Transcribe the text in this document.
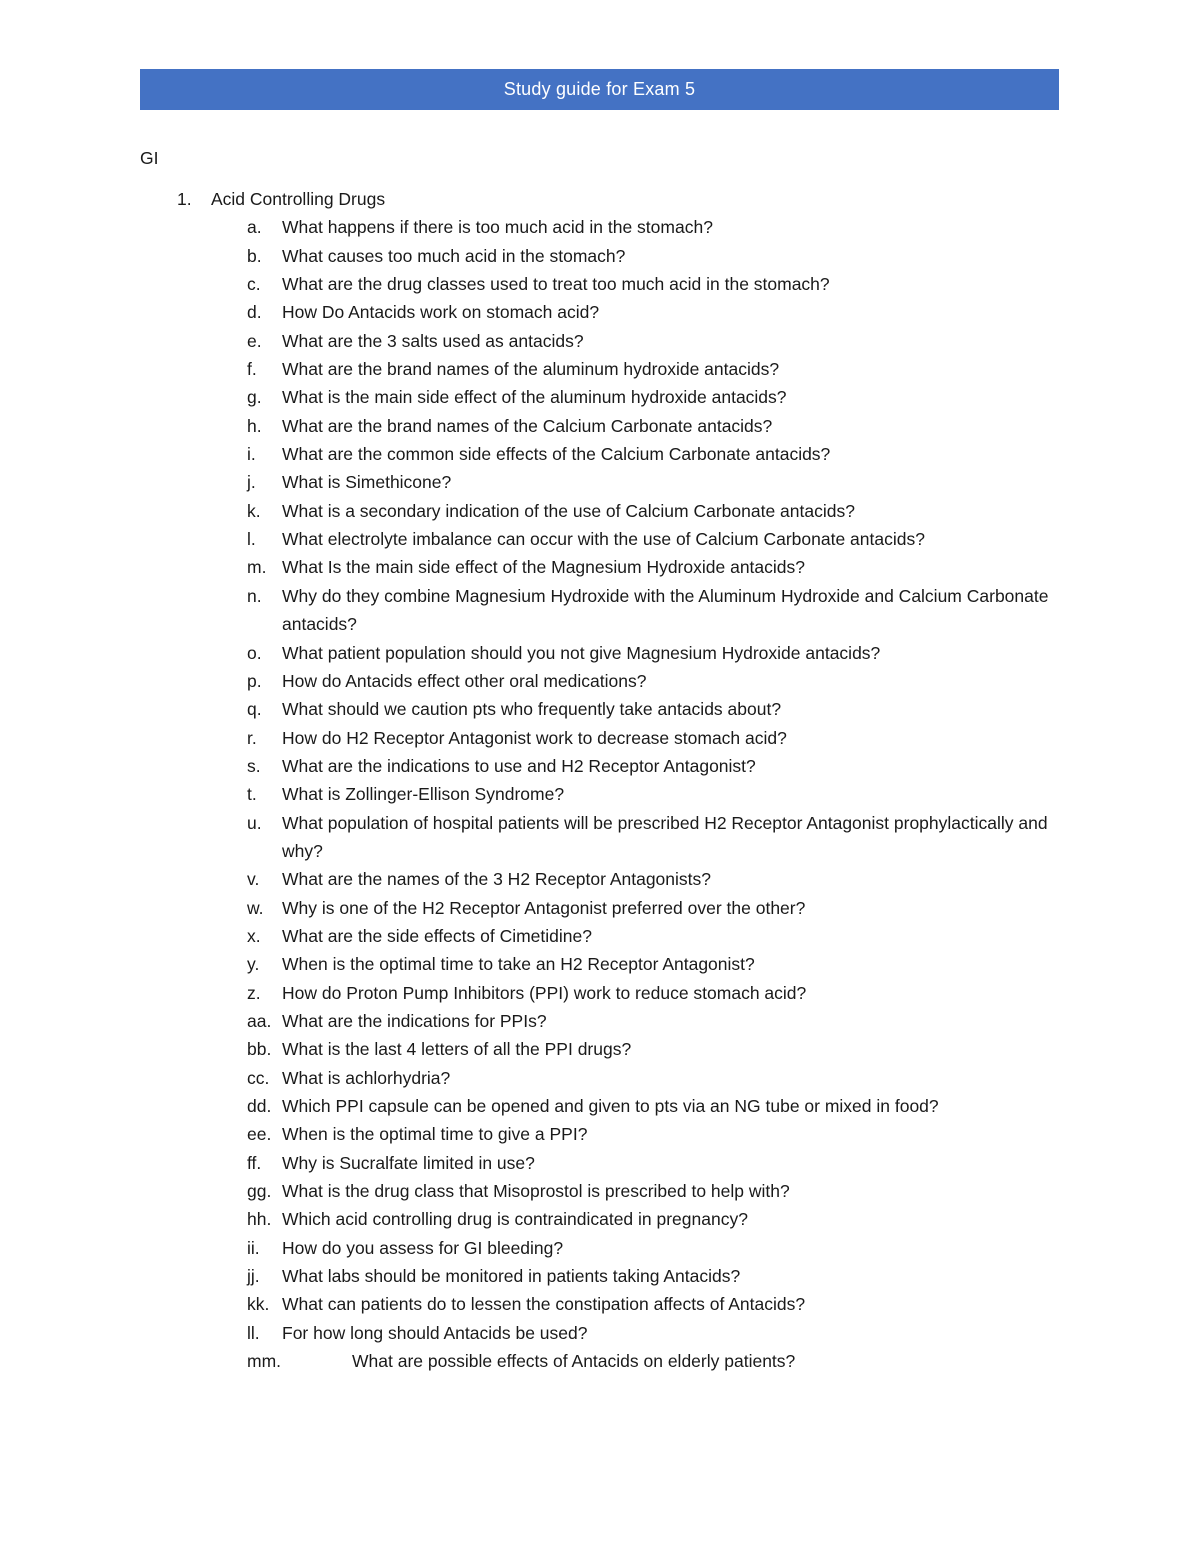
Study guide for Exam 5
GI
1.	Acid Controlling Drugs
a.	What happens if there is too much acid in the stomach?
b.	What causes too much acid in the stomach?
c.	What are the drug classes used to treat too much acid in the stomach?
d.	How Do Antacids work on stomach acid?
e.	What are the 3 salts used as antacids?
f.	What are the brand names of the aluminum hydroxide antacids?
g.	What is the main side effect of the aluminum hydroxide antacids?
h.	What are the brand names of the Calcium Carbonate antacids?
i.	What are the common side effects of the Calcium Carbonate antacids?
j.	What is Simethicone?
k.	What is a secondary indication of the use of Calcium Carbonate antacids?
l.	What electrolyte imbalance can occur with the use of Calcium Carbonate antacids?
m. What Is the main side effect of the Magnesium Hydroxide antacids?
n.	Why do they combine Magnesium Hydroxide with the Aluminum Hydroxide and Calcium Carbonate antacids?
o.	What patient population should you not give Magnesium Hydroxide antacids?
p.	How do Antacids effect other oral medications?
q.	What should we caution pts who frequently take antacids about?
r.	How do H2 Receptor Antagonist work to decrease stomach acid?
s.	What are the indications to use and H2 Receptor Antagonist?
t.	What is Zollinger-Ellison Syndrome?
u.	What population of hospital patients will be prescribed H2 Receptor Antagonist prophylactically and why?
v.	What are the names of the 3 H2 Receptor Antagonists?
w.	Why is one of the H2 Receptor Antagonist preferred over the other?
x.	What are the side effects of Cimetidine?
y.	When is the optimal time to take an H2 Receptor Antagonist?
z.	How do Proton Pump Inhibitors (PPI) work to reduce stomach acid?
aa. What are the indications for PPIs?
bb. What is the last 4 letters of all the PPI drugs?
cc. What is achlorhydria?
dd. Which PPI capsule can be opened and given to pts via an NG tube or mixed in food?
ee. When is the optimal time to give a PPI?
ff.	Why is Sucralfate limited in use?
gg. What is the drug class that Misoprostol is prescribed to help with?
hh. Which acid controlling drug is contraindicated in pregnancy?
ii.	How do you assess for GI bleeding?
jj.	What labs should be monitored in patients taking Antacids?
kk. What can patients do to lessen the constipation affects of Antacids?
ll.	For how long should Antacids be used?
mm.	What are possible effects of Antacids on elderly patients?
